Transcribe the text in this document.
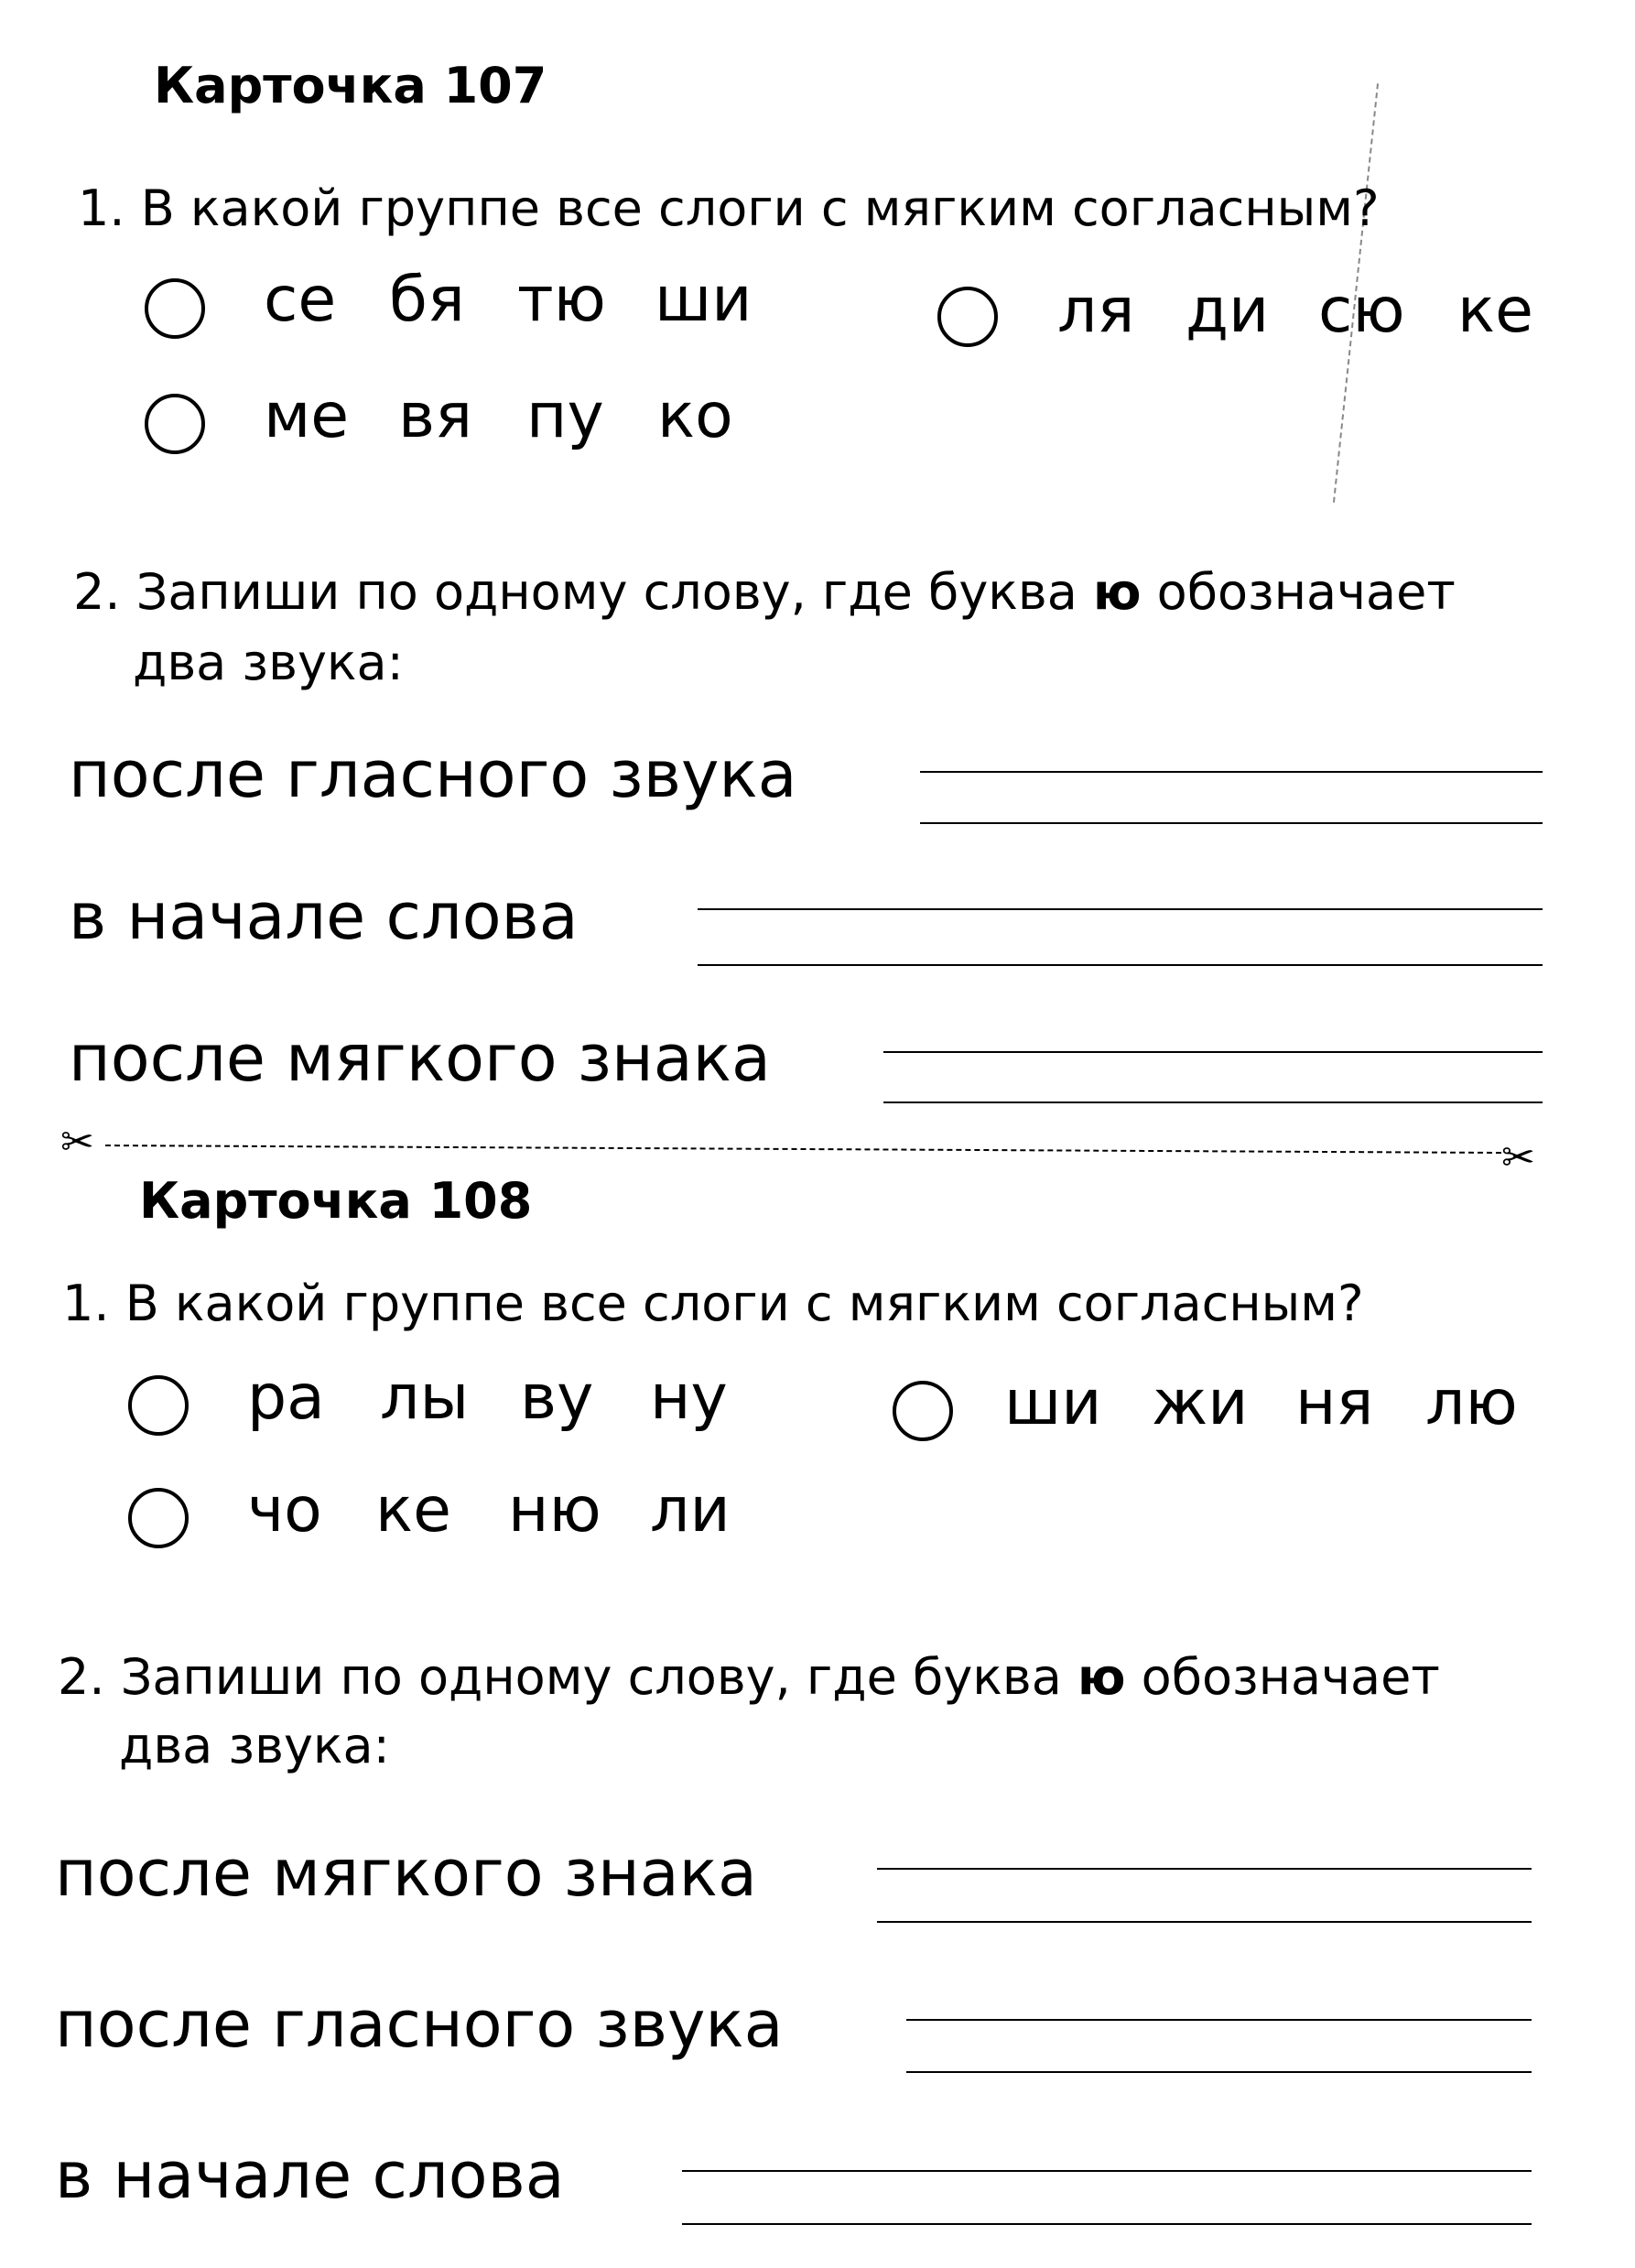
Карточка 107
1. В какой группе все слоги с мягким согласным?
се бя тю ши	ля ди сю ке
ме вя пу ко
2. Запиши по одному слову, где буква ю обозначает
два звука:
после гласного звука
в начале слова
после мягкого знака
✂	✂
Карточка 108
1. В какой группе все слоги с мягким согласным?
ра лы ву ну	ши жи ня лю
чо ке ню ли
2. Запиши по одному слову, где буква ю обозначает
два звука:
после мягкого знака
после гласного звука
в начале слова
